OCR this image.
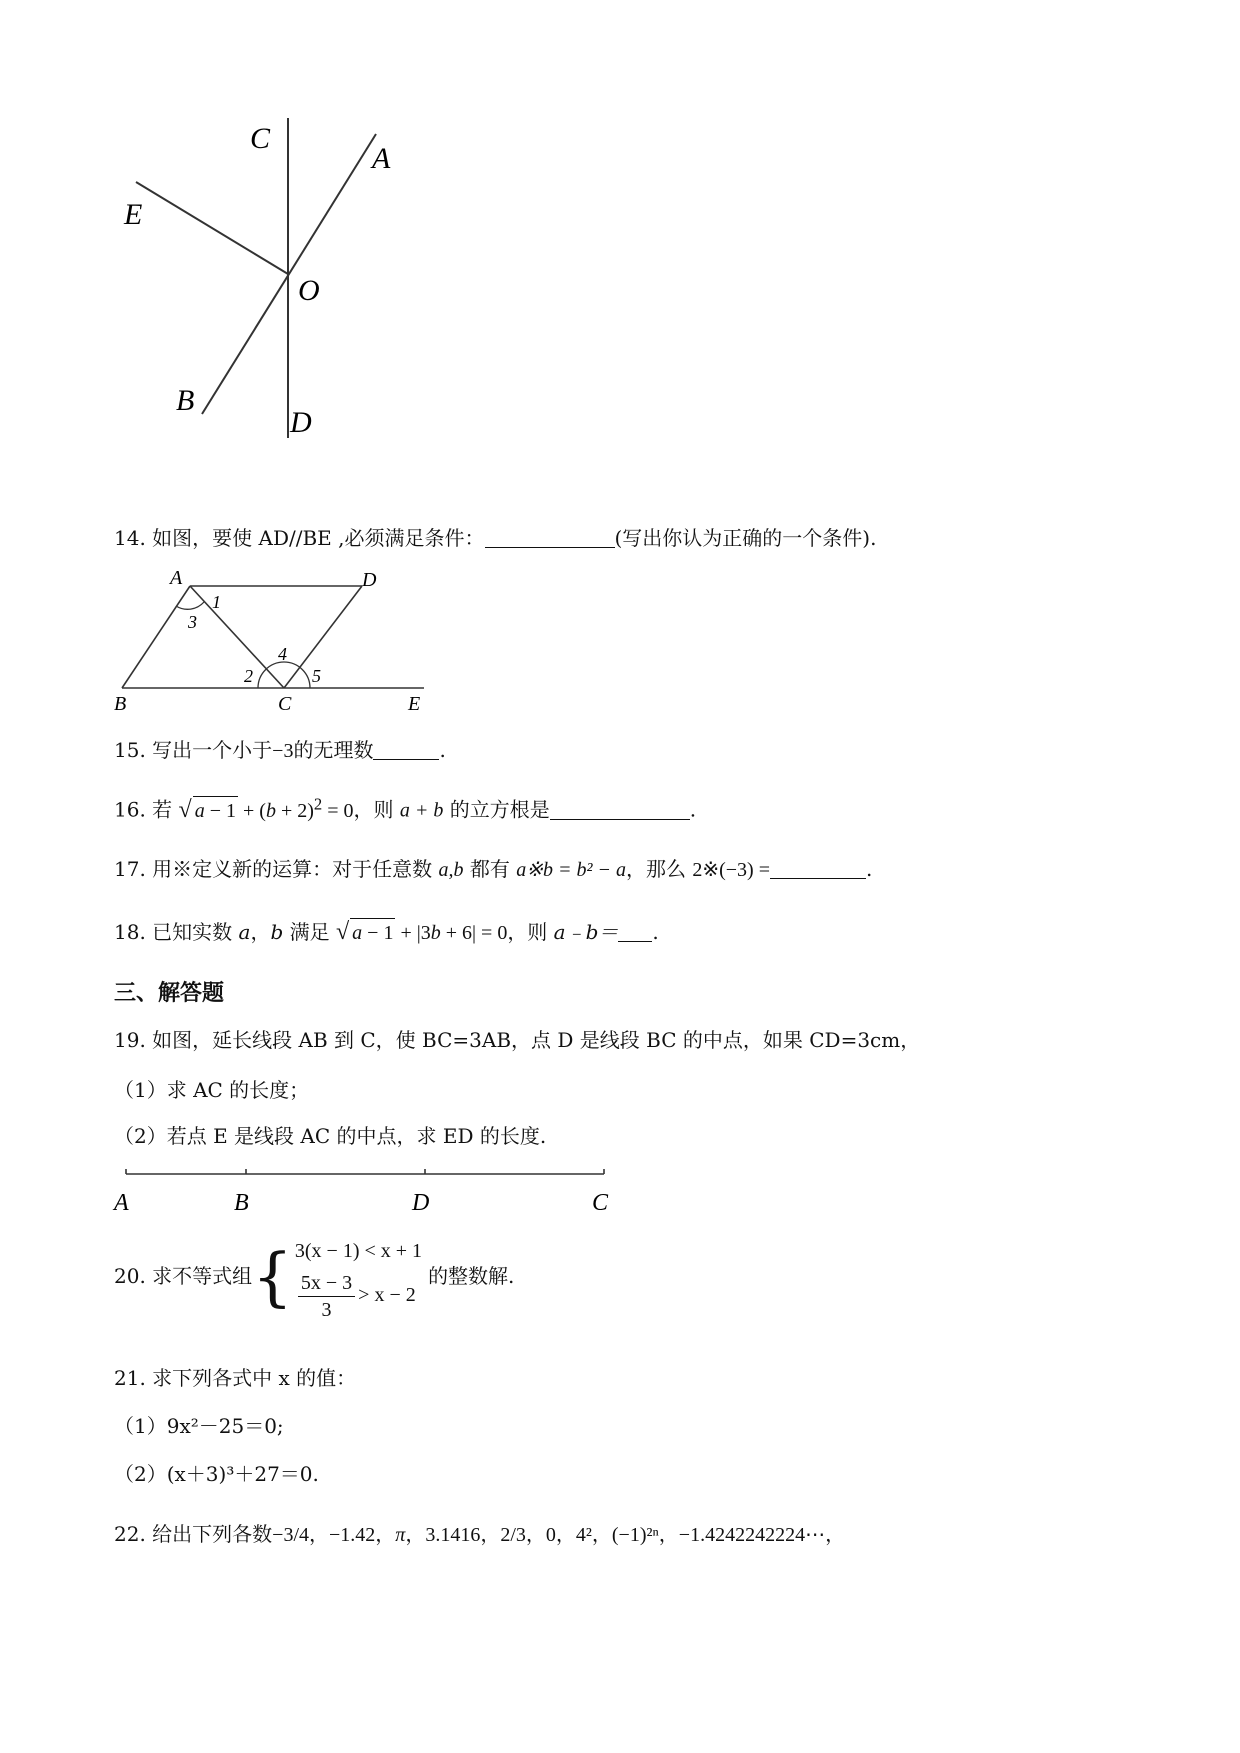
C
A
E
O
B
D
14. 如图，要使 AD//BE ,必须满足条件：	(写出你认为正确的一个条件).
A	D
B	C	E
1
3
4
2	5
15. 写出一个小于−3的无理数	.
16. 若 √ $a - 1 + (b + 2)^2 = 0$，则 a + b 的立方根是	.
17. 用※定义新的运算：对于任意数 a,b 都有 a※b = b² − a，那么 2※(−3) =	.
18. 已知实数 a，b 满足 √ a − 1 + |3b + 6| = 0，则 a﹣b＝ .
三、解答题
19. 如图，延长线段 AB 到 C，使 BC=3AB，点 D 是线段 BC 的中点，如果 CD=3cm，
（1）求 AC 的长度；
（2）若点 E 是线段 AC 的中点，求 ED 的长度.
A	B	D	C
20. 求不等式组{ 3(x − 1) < x + 1
$\frac{5x - 3}{3} > x - 2$
的整数解.
21. 求下列各式中 x 的值：
（1）9x²－25＝0;
（2）(x＋3)³＋27＝0.
22. 给出下列各数−3/4，−1.42，π，3.1416，2/3，0，4²，(−1)²ⁿ，−1.4242242224⋯，
